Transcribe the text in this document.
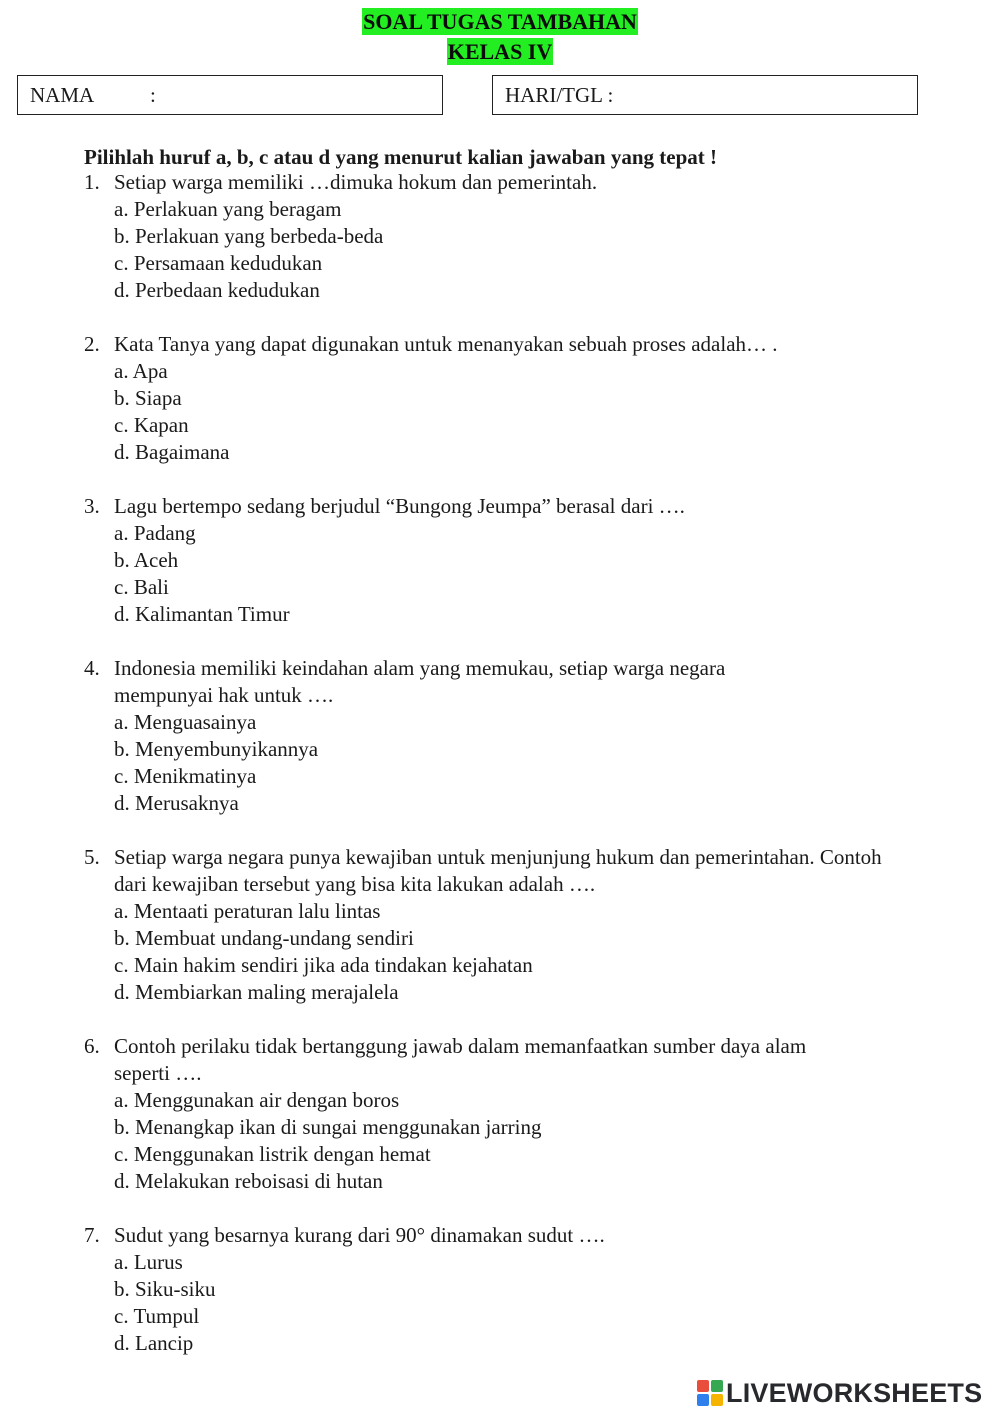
SOAL TUGAS TAMBAHAN
KELAS IV
NAMA	:	HARI/TGL :
Pilihlah huruf a, b, c atau d yang menurut kalian jawaban yang tepat !
1. Setiap warga memiliki …dimuka hokum dan pemerintah.
a. Perlakuan yang beragam
b. Perlakuan yang berbeda-beda
c. Persamaan kedudukan
d. Perbedaan kedudukan
2. Kata Tanya yang dapat digunakan untuk menanyakan sebuah proses adalah… .
a. Apa
b. Siapa
c. Kapan
d. Bagaimana
3. Lagu bertempo sedang berjudul “Bungong Jeumpa” berasal dari ….
a. Padang
b. Aceh
c. Bali
d. Kalimantan Timur
4. Indonesia memiliki keindahan alam yang memukau, setiap warga negara mempunyai hak untuk ….
a. Menguasainya
b. Menyembunyikannya
c. Menikmatinya
d. Merusaknya
5. Setiap warga negara punya kewajiban untuk menjunjung hukum dan pemerintahan. Contoh dari kewajiban tersebut yang bisa kita lakukan adalah ….
a. Mentaati peraturan lalu lintas
b. Membuat undang-undang sendiri
c. Main hakim sendiri jika ada tindakan kejahatan
d. Membiarkan maling merajalela
6. Contoh perilaku tidak bertanggung jawab dalam memanfaatkan sumber daya alam seperti ….
a. Menggunakan air dengan boros
b. Menangkap ikan di sungai menggunakan jarring
c. Menggunakan listrik dengan hemat
d. Melakukan reboisasi di hutan
7. Sudut yang besarnya kurang dari 90° dinamakan sudut ….
a. Lurus
b. Siku-siku
c. Tumpul
d. Lancip
LIVEWORKSHEETS
